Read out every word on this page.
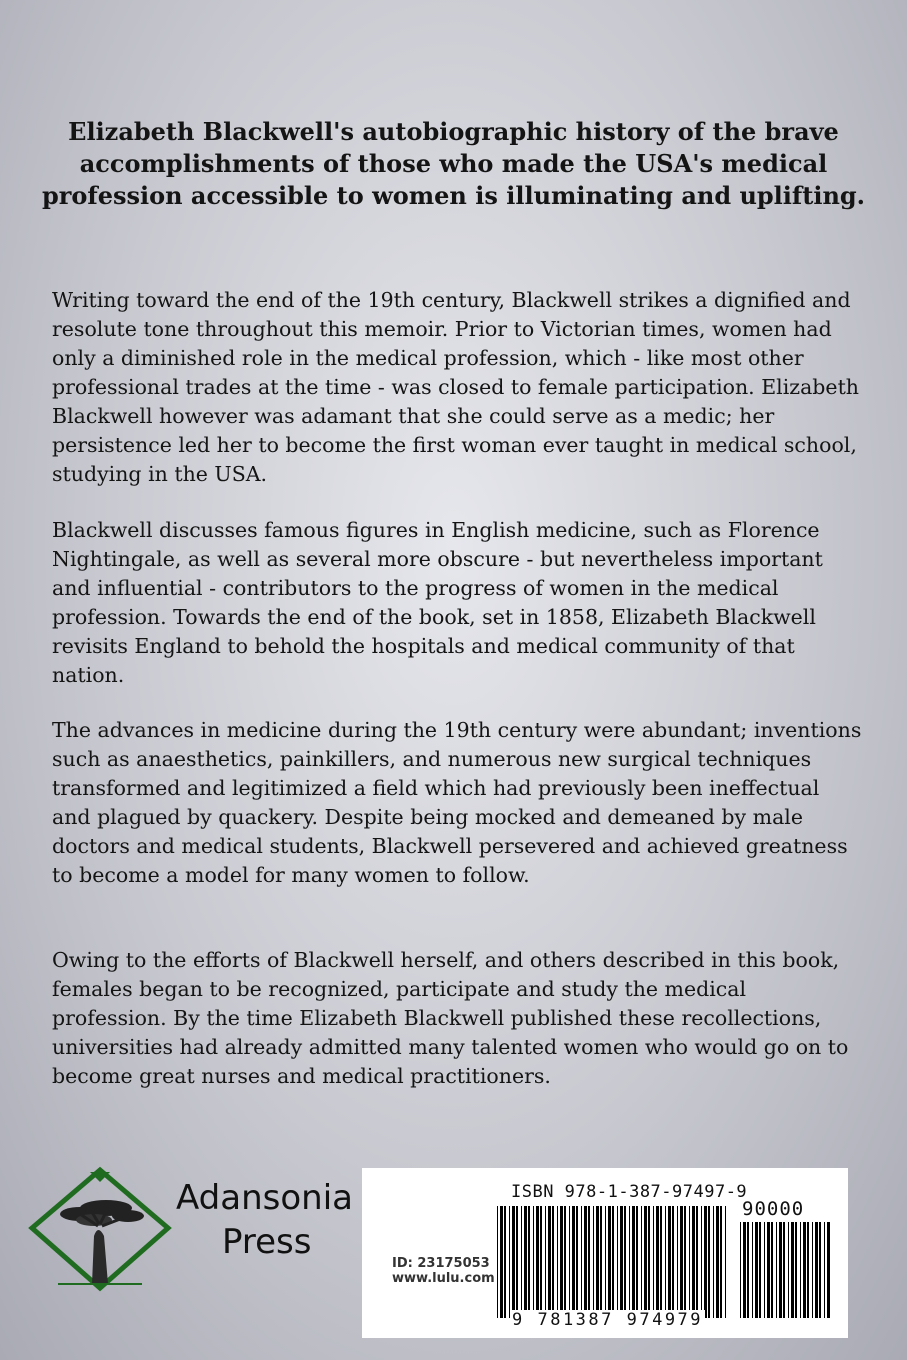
Elizabeth Blackwell's autobiographic history of the brave accomplishments of those who made the USA's medical profession accessible to women is illuminating and uplifting.

Writing toward the end of the 19th century, Blackwell strikes a dignified and resolute tone throughout this memoir. Prior to Victorian times, women had only a diminished role in the medical profession, which - like most other professional trades at the time - was closed to female participation. Elizabeth Blackwell however was adamant that she could serve as a medic; her persistence led her to become the first woman ever taught in medical school, studying in the USA.

Blackwell discusses famous figures in English medicine, such as Florence Nightingale, as well as several more obscure - but nevertheless important and influential - contributors to the progress of women in the medical profession. Towards the end of the book, set in 1858, Elizabeth Blackwell revisits England to behold the hospitals and medical community of that nation.

The advances in medicine during the 19th century were abundant; inventions such as anaesthetics, painkillers, and numerous new surgical techniques transformed and legitimized a field which had previously been ineffectual and plagued by quackery. Despite being mocked and demeaned by male doctors and medical students, Blackwell persevered and achieved greatness to become a model for many women to follow.

Owing to the efforts of Blackwell herself, and others described in this book, females began to be recognized, participate and study the medical profession. By the time Elizabeth Blackwell published these recollections, universities had already admitted many talented women who would go on to become great nurses and medical practitioners.

Adansonia
Press
ISBN 978-1-387-97497-9
ID: 23175053
www.lulu.com
90000
9 781387 974979
